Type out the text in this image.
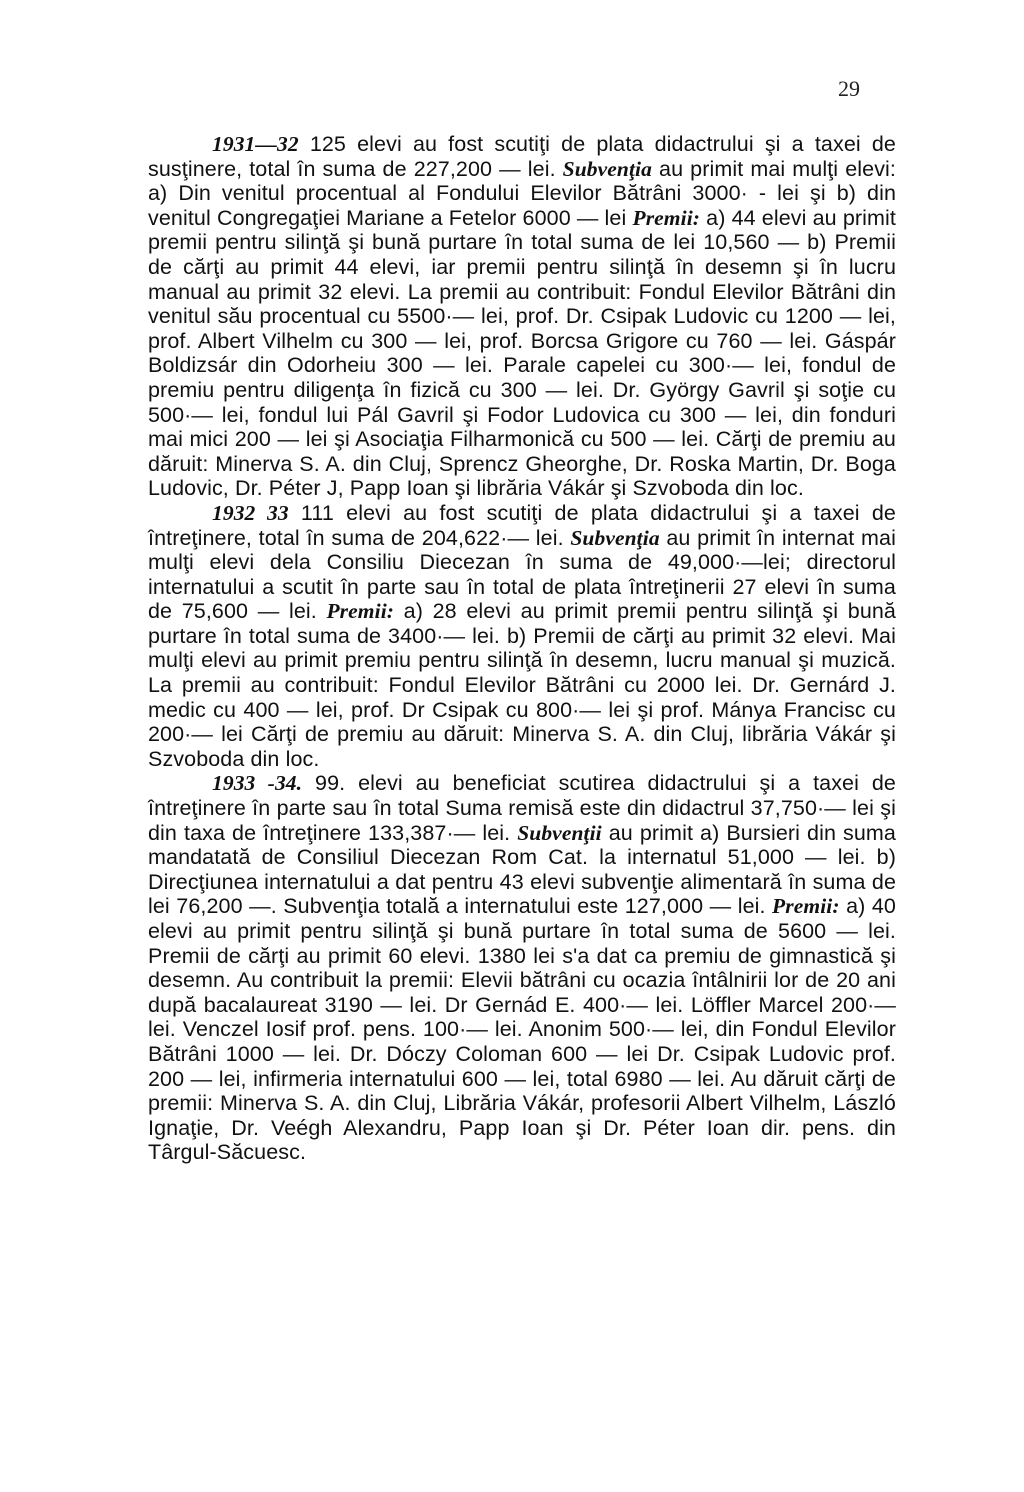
29

1931—32 125 elevi au fost scutiţi de plata didactrului şi a taxei de susţinere, total în suma de 227,200 — lei. Subvenţia au primit mai mulţi elevi: a) Din venitul procentual al Fondului Elevilor Bătrâni 3000· - lei şi b) din venitul Congregaţiei Mariane a Fetelor 6000 — lei Premii: a) 44 elevi au primit premii pentru silinţă şi bună purtare în total suma de lei 10,560 — b) Premii de cărţi au primit 44 elevi, iar premii pentru silinţă în desemn şi în lucru manual au primit 32 elevi. La premii au contribuit: Fondul Elevilor Bătrâni din venitul său procentual cu 5500·— lei, prof. Dr. Csipak Ludovic cu 1200 — lei, prof. Albert Vilhelm cu 300 — lei, prof. Borcsa Grigore cu 760 — lei. Gáspár Boldizsár din Odorheiu 300 — lei. Parale capelei cu 300·— lei, fondul de premiu pentru diligenţa în fizică cu 300 — lei. Dr. György Gavril şi soţie cu 500·— lei, fondul lui Pál Gavril şi Fodor Ludovica cu 300 — lei, din fonduri mai mici 200 — lei şi Asociaţia Filharmonică cu 500 — lei. Cărţi de premiu au dăruit: Minerva S. A. din Cluj, Sprencz Gheorghe, Dr. Roska Martin, Dr. Boga Ludovic, Dr. Péter J, Papp Ioan şi librăria Vákár şi Szvoboda din loc.

1932 33 111 elevi au fost scutiţi de plata didactrului şi a taxei de întreţinere, total în suma de 204,622·— lei. Subvenţia au primit în internat mai mulţi elevi dela Consiliu Diecezan în suma de 49,000·—lei; directorul internatului a scutit în parte sau în total de plata întreţinerii 27 elevi în suma de 75,600 — lei. Premii: a) 28 elevi au primit premii pentru silinţă şi bună purtare în total suma de 3400·— lei. b) Premii de cărţi au primit 32 elevi. Mai mulţi elevi au primit premiu pentru silinţă în desemn, lucru manual şi muzică. La premii au contribuit: Fondul Elevilor Bătrâni cu 2000 lei. Dr. Gernárd J. medic cu 400 — lei, prof. Dr Csipak cu 800·— lei şi prof. Mánya Francisc cu 200·— lei Cărţi de premiu au dăruit: Minerva S. A. din Cluj, librăria Vákár şi Szvoboda din loc.

1933 -34. 99. elevi au beneficiat scutirea didactrului şi a taxei de întreţinere în parte sau în total Suma remisă este din didactrul 37,750·— lei şi din taxa de întreţinere 133,387·— lei. Subvenţii au primit a) Bursieri din suma mandatată de Consiliul Diecezan Rom Cat. la internatul 51,000 — lei. b) Direcţiunea internatului a dat pentru 43 elevi subvenţie alimentară în suma de lei 76,200 —. Subvenţia totală a internatului este 127,000 — lei. Premii: a) 40 elevi au primit pentru silinţă şi bună purtare în total suma de 5600 — lei. Premii de cărţi au primit 60 elevi. 1380 lei s'a dat ca premiu de gimnastică şi desemn. Au contribuit la premii: Elevii bătrâni cu ocazia întâlnirii lor de 20 ani după bacalaureat 3190 — lei. Dr Gernád E. 400·— lei. Löffler Marcel 200·— lei. Venczel Iosif prof. pens. 100·— lei. Anonim 500·— lei, din Fondul Elevilor Bătrâni 1000 — lei. Dr. Dóczy Coloman 600 — lei Dr. Csipak Ludovic prof. 200 — lei, infirmeria internatului 600 — lei, total 6980 — lei. Au dăruit cărţi de premii: Minerva S. A. din Cluj, Librăria Vákár, profesorii Albert Vilhelm, László Ignaţie, Dr. Veégh Alexandru, Papp Ioan şi Dr. Péter Ioan dir. pens. din Târgul-Săcuesc.
